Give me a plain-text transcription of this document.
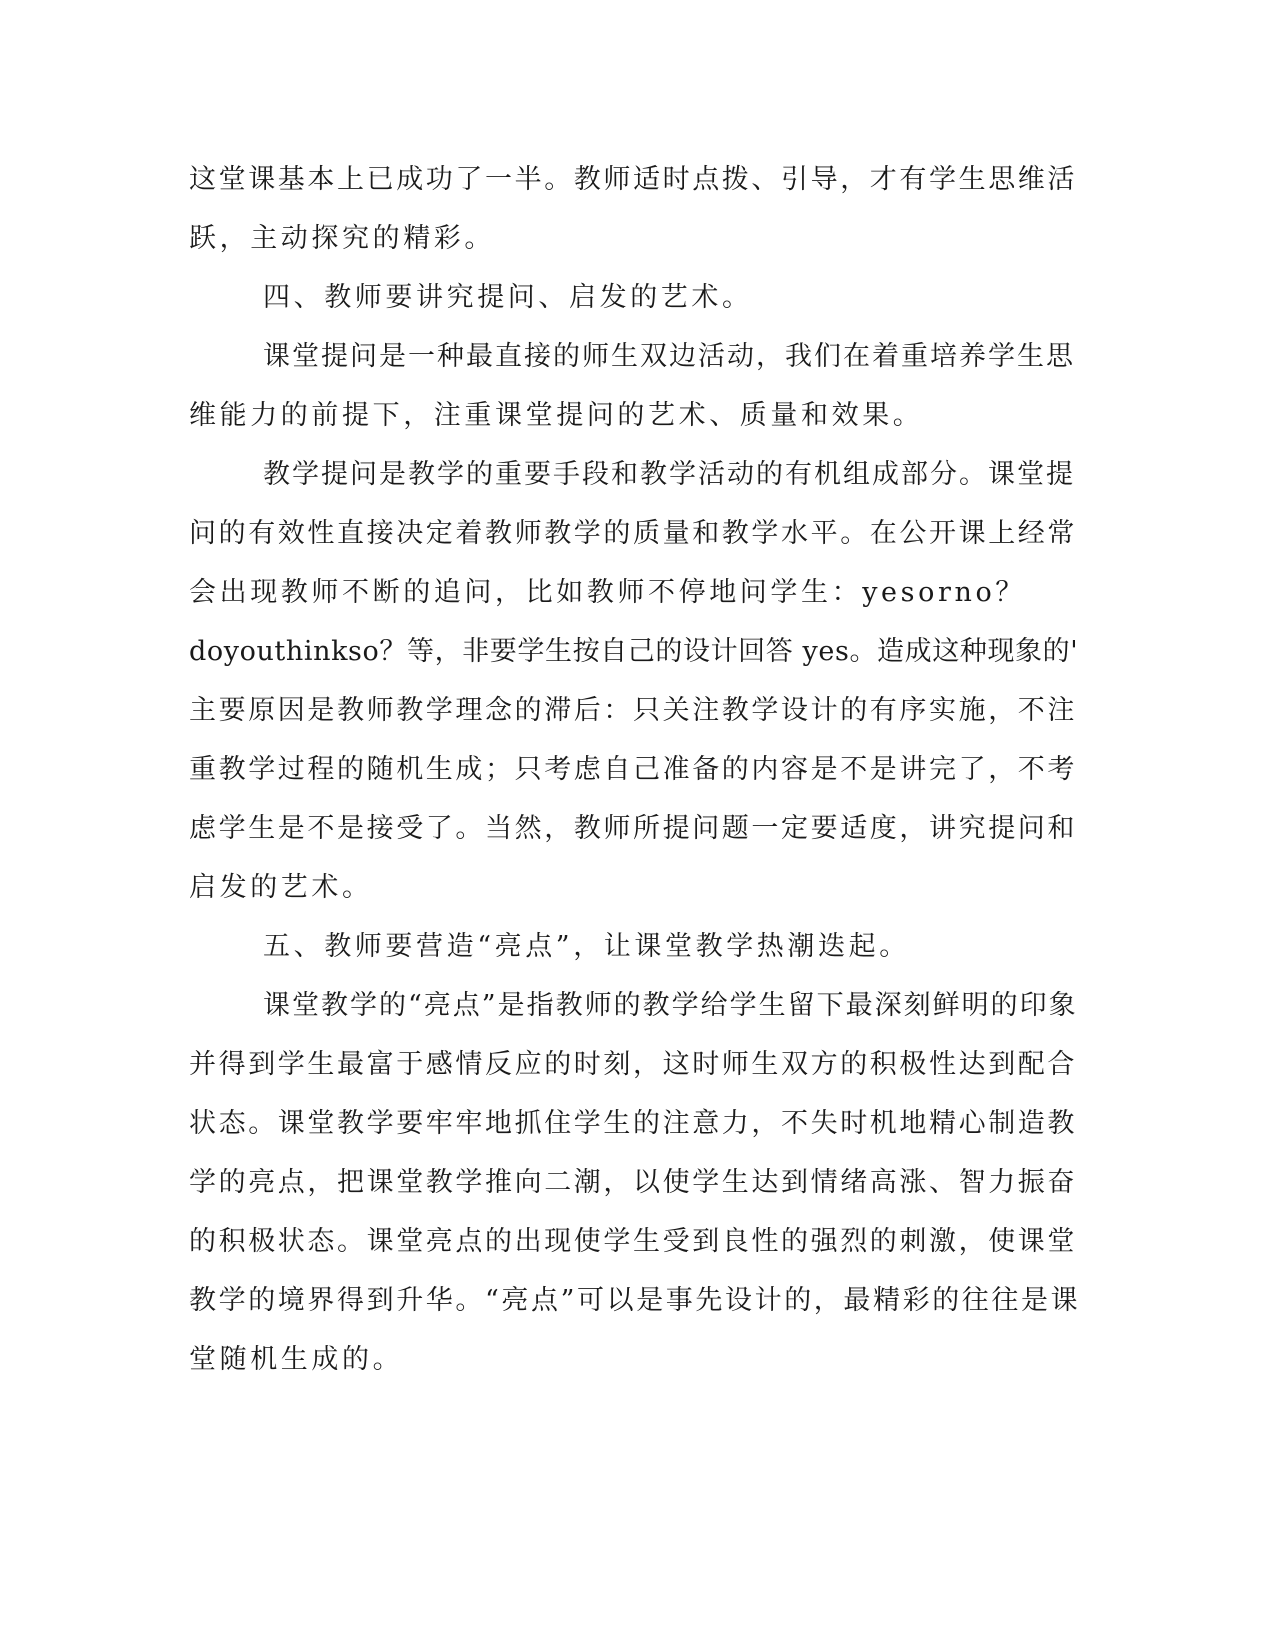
这堂课基本上已成功了一半。教师适时点拨、引导，才有学生思维活
跃，主动探究的精彩。
四、教师要讲究提问、启发的艺术。
课堂提问是一种最直接的师生双边活动，我们在着重培养学生思
维能力的前提下，注重课堂提问的艺术、质量和效果。
教学提问是教学的重要手段和教学活动的有机组成部分。课堂提
问的有效性直接决定着教师教学的质量和教学水平。在公开课上经常
会出现教师不断的追问，比如教师不停地问学生：yesorno？
doyouthinkso？等，非要学生按自己的设计回答 yes。造成这种现象的'
主要原因是教师教学理念的滞后：只关注教学设计的有序实施，不注
重教学过程的随机生成；只考虑自己准备的内容是不是讲完了，不考
虑学生是不是接受了。当然，教师所提问题一定要适度，讲究提问和
启发的艺术。
五、教师要营造“亮点”，让课堂教学热潮迭起。
课堂教学的“亮点”是指教师的教学给学生留下最深刻鲜明的印象
并得到学生最富于感情反应的时刻，这时师生双方的积极性达到配合
状态。课堂教学要牢牢地抓住学生的注意力，不失时机地精心制造教
学的亮点，把课堂教学推向二潮，以使学生达到情绪高涨、智力振奋
的积极状态。课堂亮点的出现使学生受到良性的强烈的刺激，使课堂
教学的境界得到升华。“亮点”可以是事先设计的，最精彩的往往是课
堂随机生成的。
